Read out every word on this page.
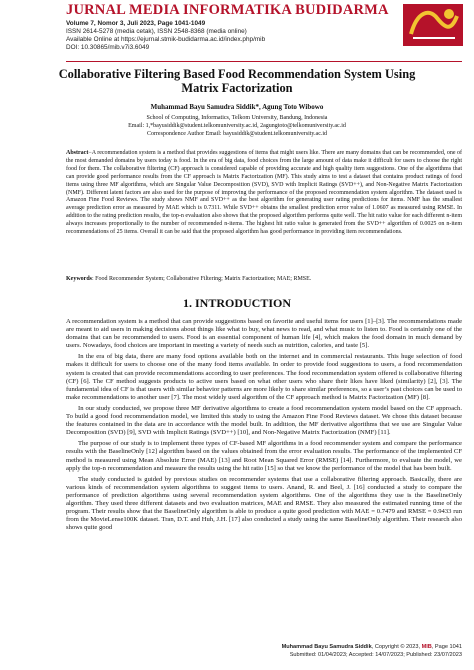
JURNAL MEDIA INFORMATIKA BUDIDARMA
Volume 7, Nomor 3, Juli 2023, Page 1041-1049
ISSN 2614-5278 (media cetak), ISSN 2548-8368 (media online)
Available Online at https://ejurnal.stmik-budidarma.ac.id/index.php/mib
DOI: 10.30865/mib.v7i3.6049
Collaborative Filtering Based Food Recommendation System Using
Matrix Factorization
Muhammad Bayu Samudra Siddik*, Agung Toto Wibowo
School of Computing, Informatics, Telkom University, Bandung, Indonesia
Email: 1,*bayusiddik@student.telkomuniversity.ac.id, 2agungtoto@telkomuniversity.ac.id
Correspondence Author Email: bayusiddik@student.telkomuniversity.ac.id
Abstract−A recommendation system is a method that provides suggestions of items that might users like. There are many domains that can be recommended, one of the most demanded domains by users today is food. In the era of big data, food choices from the large amount of data make it difficult for users to choose the right food for them. The collaborative filtering (CF) approach is considered capable of providing accurate and high quality item suggestions. One of the algorithms that can provide good performance results from the CF approach is Matrix Factorization (MF). This study aims to test a dataset that contains product ratings of food items using three MF algorithms, which are Singular Value Decomposition (SVD), SVD with Implicit Ratings (SVD++), and Non-Negative Matrix Factorization (NMF). Different latent factors are also used for the purpose of improving the performance of the proposed recommendation system algorithm. The dataset used is Amazon Fine Food Reviews. The study shows NMF and SVD++ as the best algorithm for generating user rating predictions for items. NMF has the smallest average prediction error as measured by MAE which is 0.7311. While SVD++ obtains the smallest prediction error value of 1.0607 as measured using RMSE. In addition to the rating prediction results, the top-n evaluation also shows that the proposed algorithm performs quite well. The hit ratio value for each different n-item always increases proportionally to the number of recommended n-items. The highest hit ratio value is generated from the SVD++ algorithm of 0.0025 on n-item recommendations of 25 items. Overall it can be said that the proposed algorithm has good performance in providing item recommendations.
Keywords: Food Recommender System; Collaborative Filtering; Matrix Factorization; MAE; RMSE.
1. INTRODUCTION

A recommendation system is a method that can provide suggestions based on favorite and useful items for users [1]–[3]. The recommendations made are meant to aid users in making decisions about things like what to buy, what news to read, and what music to listen to. Food is certainly one of the domains that can be recommended to users. Food is an essential component of human life [4], which makes the food domain in much demand by users. Nowadays, food choices are important in meeting a variety of needs such as nutrition, calories, and taste [5].

In the era of big data, there are many food options available both on the internet and in commercial restaurants. This huge selection of food makes it difficult for users to choose one of the many food items available. In order to provide food suggestions to users, a food recommendation system is created that can provide recommendations according to user preferences. The food recommendation system offered is collaborative filtering (CF) [6]. The CF method suggests products to active users based on what other users who share their likes have liked (similarity) [2], [3]. The fundamental idea of CF is that users with similar behavior patterns are more likely to share similar preferences, so a user’s past choices can be used to make recommendations to another user [7]. The most widely used algorithm of the CF approach method is Matrix Factorization (MF) [8].

In our study conducted, we propose three MF derivative algorithms to create a food recommendation system model based on the CF approach. To build a good food recommendation model, we limited this study to using the Amazon Fine Food Reviews dataset. We chose this dataset because the features contained in the data are in accordance with the model built. In addition, the MF derivative algorithms that we use are Singular Value Decomposition (SVD) [9], SVD with Implicit Ratings (SVD++) [10], and Non-Negative Matrix Factorization (NMF) [11].

The purpose of our study is to implement three types of CF-based MF algorithms in a food recommender system and compare the performance results with the BaselineOnly [12] algorithm based on the values obtained from the error evaluation results. The performance of the implemented CF method is measured using Mean Absolute Error (MAE) [13] and Root Mean Squared Error (RMSE) [14]. Furthermore, to evaluate the model, we apply the top-n recommendation and measure the results using the hit ratio [15] so that we know the performance of the model that has been built.

The study conducted is guided by previous studies on recommender systems that use a collaborative filtering approach. Basically, there are various kinds of recommendation system algorithms to suggest items to users. Anand, R. and Beel, J. [16] conducted a study to compare the performance of prediction algorithms using several recommendation system algorithms. One of the algorithms they use is the BaselineOnly algorithm. They used three different datasets and two evaluation matrices, MAE and RMSE. They also measured the estimated running time of the program. Their results show that the BaselineOnly algorithm is able to produce a quite good prediction with MAE = 0.7479 and RMSE = 0.9433 run from the MovieLense100K dataset. Tran, D.T. and Huh, J.H. [17] also conducted a study using the same BaselineOnly algorithm. Their research also shows quite good

Muhammad Bayu Samudra Siddik, Copyright © 2023, MIB, Page 1041
Submitted: 01/04/2023; Accepted: 14/07/2023; Published: 23/07/2023
